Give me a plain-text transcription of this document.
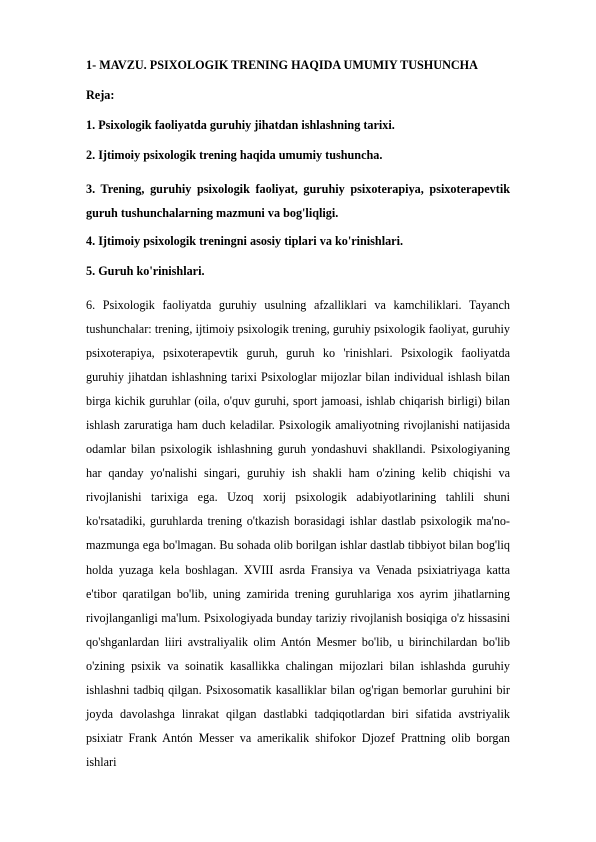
1- MAVZU. PSIXOLOGIK TRENING HAQIDA UMUMIY TUSHUNCHA
Reja:
1. Psixologik faoliyatda guruhiy jihatdan ishlashning tarixi.
2. Ijtimoiy psixologik trening haqida umumiy tushuncha.
3. Trening, guruhiy psixologik faoliyat, guruhiy psixoterapiya, psixoterapevtik guruh tushunchalarning mazmuni va bog'liqligi.
4. Ijtimoiy psixologik treningni asosiy tiplari va ko'rinishlari.
5. Guruh ko'rinishlari.

6. Psixologik faoliyatda guruhiy usulning afzalliklari va kamchiliklari. Tayanch tushunchalar: trening, ijtimoiy psixologik trening, guruhiy psixologik faoliyat, guruhiy psixoterapiya, psixoterapevtik guruh, guruh ko 'rinishlari. Psixologik faoliyatda guruhiy jihatdan ishlashning tarixi Psixologlar mijozlar bilan individual ishlash bilan birga kichik guruhlar (oila, o'quv guruhi, sport jamoasi, ishlab chiqarish birligi) bilan ishlash zaruratiga ham duch keladilar. Psixologik amaliyotning rivojlanishi natijasida odamlar bilan psixologik ishlashning guruh yondashuvi shakllandi. Psixologiyaning har qanday yo'nalishi singari, guruhiy ish shakli ham o'zining kelib chiqishi va rivojlanishi tarixiga ega. Uzoq xorij psixologik adabiyotlarining tahlili shuni ko'rsatadiki, guruhlarda trening o'tkazish borasidagi ishlar dastlab psixologik ma'no-mazmunga ega bo'lmagan. Bu sohada olib borilgan ishlar dastlab tibbiyot bilan bog'liq holda yuzaga kela boshlagan. XVIII asrda Fransiya va Venada psixiatriyaga katta e'tibor qaratilgan bo'lib, uning zamirida trening guruhlariga xos ayrim jihatlarning rivojlanganligi ma'lum. Psixologiyada bunday tariziy rivojlanish bosiqiga o'z hissasini qo'shganlardan liiri avstraliyalik olim Antón Mesmer bo'lib, u birinchilardan bo'lib o'zining psixik va soinatik kasallikka chalingan mijozlari bilan ishlashda guruhiy ishlashni tadbiq qilgan. Psixosomatik kasalliklar bilan og'rigan bemorlar guruhini bir joyda davolashga linrakat qilgan dastlabki tadqiqotlardan biri sifatida avstriyalik psixiatr Frank Antón Messer va amerikalik shifokor Djozef Prattning olib borgan ishlari
